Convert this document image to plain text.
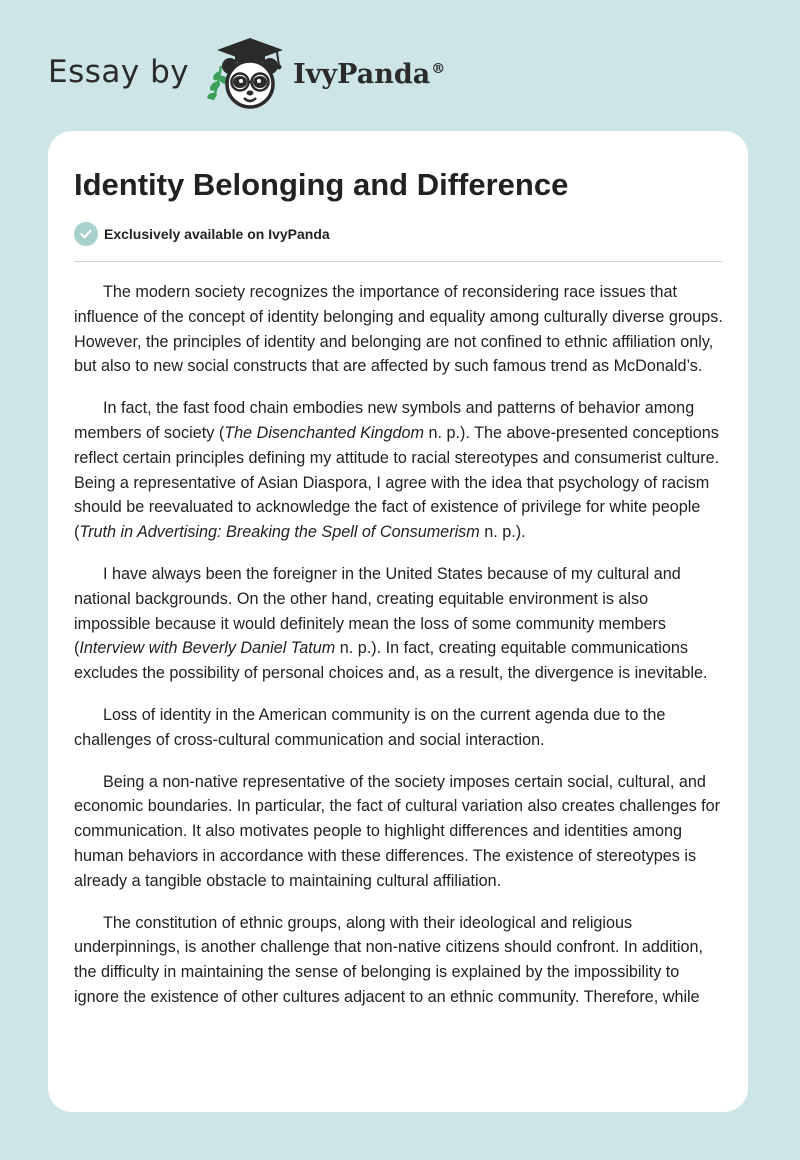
Essay by	IvyPanda®
Identity Belonging and Difference
Exclusively available on IvyPanda

The modern society recognizes the importance of reconsidering race issues that influence of the concept of identity belonging and equality among culturally diverse groups. However, the principles of identity and belonging are not confined to ethnic affiliation only, but also to new social constructs that are affected by such famous trend as McDonald’s.

In fact, the fast food chain embodies new symbols and patterns of behavior among members of society (The Disenchanted Kingdom n. p.). The above-presented conceptions reflect certain principles defining my attitude to racial stereotypes and consumerist culture. Being a representative of Asian Diaspora, I agree with the idea that psychology of racism should be reevaluated to acknowledge the fact of existence of privilege for white people (Truth in Advertising: Breaking the Spell of Consumerism n. p.).

I have always been the foreigner in the United States because of my cultural and national backgrounds. On the other hand, creating equitable environment is also impossible because it would definitely mean the loss of some community members (Interview with Beverly Daniel Tatum n. p.). In fact, creating equitable communications excludes the possibility of personal choices and, as a result, the divergence is inevitable.

Loss of identity in the American community is on the current agenda due to the challenges of cross-cultural communication and social interaction.

Being a non-native representative of the society imposes certain social, cultural, and economic boundaries. In particular, the fact of cultural variation also creates challenges for communication. It also motivates people to highlight differences and identities among human behaviors in accordance with these differences. The existence of stereotypes is already a tangible obstacle to maintaining cultural affiliation.

The constitution of ethnic groups, along with their ideological and religious underpinnings, is another challenge that non-native citizens should confront. In addition, the difficulty in maintaining the sense of belonging is explained by the impossibility to ignore the existence of other cultures adjacent to an ethnic community. Therefore, while
